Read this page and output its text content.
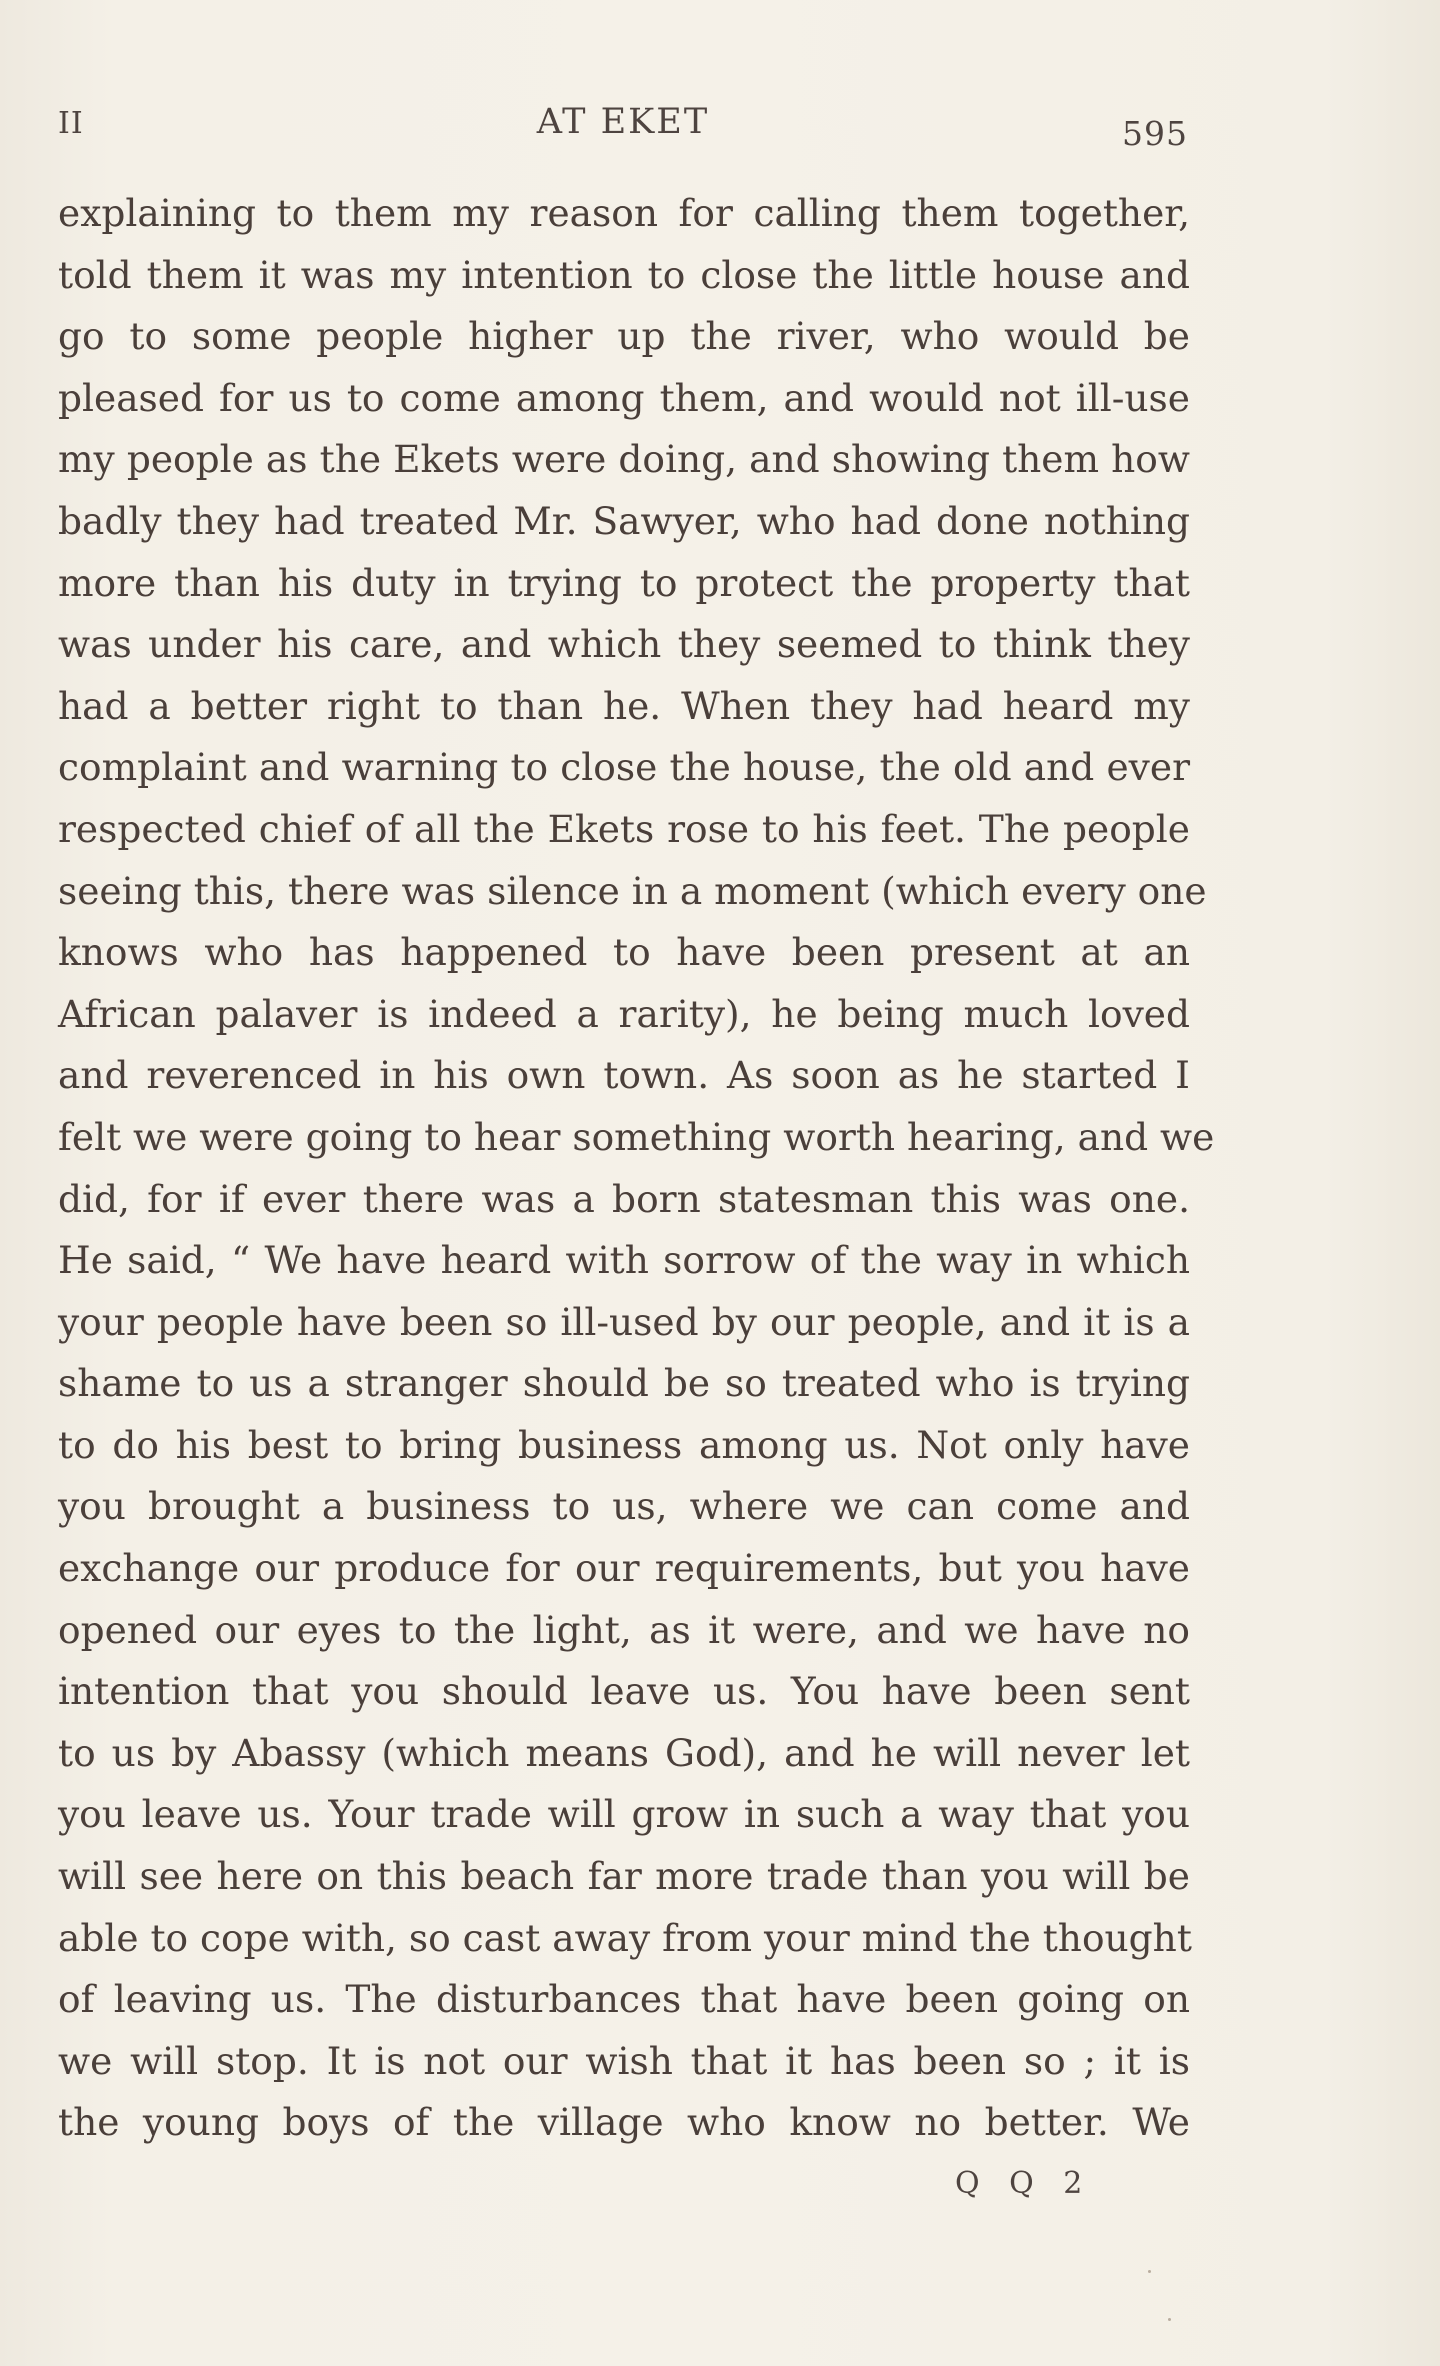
II	AT EKET	595
explaining to them my reason for calling them together,
told them it was my intention to close the little house and
go to some people higher up the river, who would be
pleased for us to come among them, and would not ill-use
my people as the Ekets were doing, and showing them how
badly they had treated Mr. Sawyer, who had done nothing
more than his duty in trying to protect the property that
was under his care, and which they seemed to think they
had a better right to than he. When they had heard my
complaint and warning to close the house, the old and ever
respected chief of all the Ekets rose to his feet. The people
seeing this, there was silence in a moment (which every one
knows who has happened to have been present at an
African palaver is indeed a rarity), he being much loved
and reverenced in his own town. As soon as he started I
felt we were going to hear something worth hearing, and we
did, for if ever there was a born statesman this was one.
He said, “ We have heard with sorrow of the way in which
your people have been so ill-used by our people, and it is a
shame to us a stranger should be so treated who is trying
to do his best to bring business among us. Not only have
you brought a business to us, where we can come and
exchange our produce for our requirements, but you have
opened our eyes to the light, as it were, and we have no
intention that you should leave us. You have been sent
to us by Abassy (which means God), and he will never let
you leave us. Your trade will grow in such a way that you
will see here on this beach far more trade than you will be
able to cope with, so cast away from your mind the thought
of leaving us. The disturbances that have been going on
we will stop. It is not our wish that it has been so ; it is
the young boys of the village who know no better. We
Q Q 2
